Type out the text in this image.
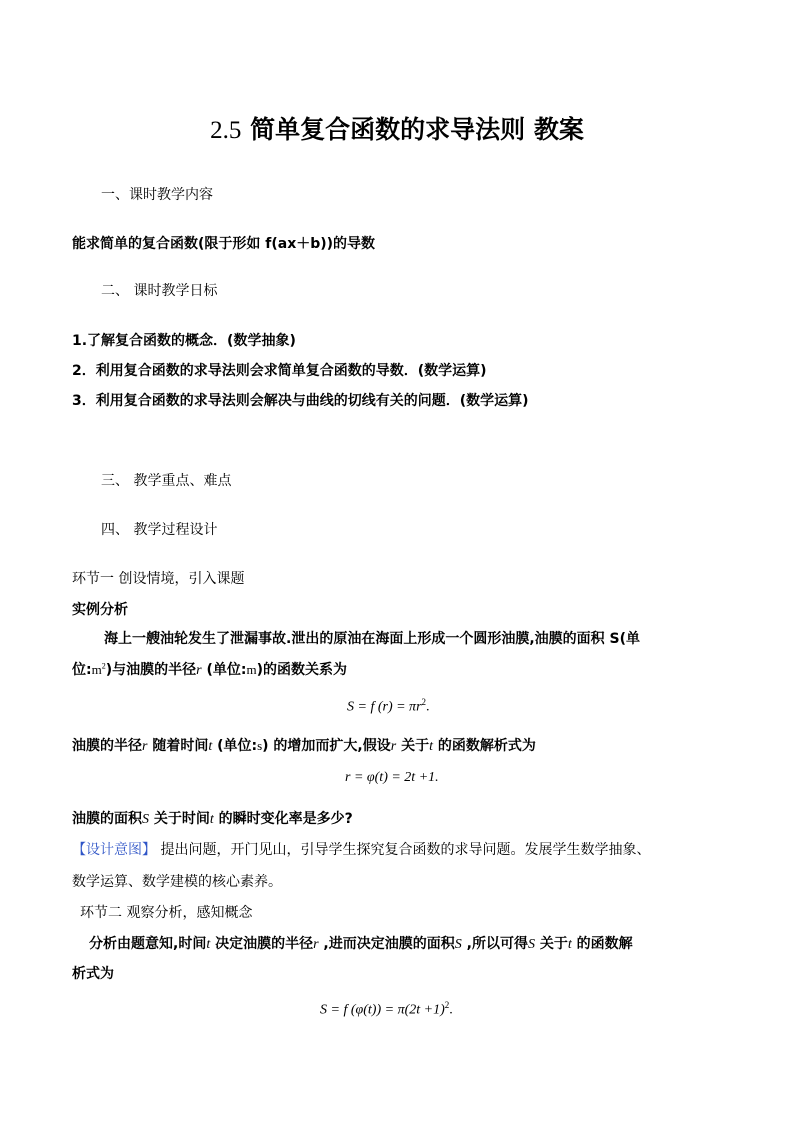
2.5 简单复合函数的求导法则 教案
一、课时教学内容
能求简单的复合函数(限于形如 f(ax＋b))的导数
二、 课时教学日标
1.了解复合函数的概念．(数学抽象)
2．利用复合函数的求导法则会求简单复合函数的导数．(数学运算)
3．利用复合函数的求导法则会解决与曲线的切线有关的问题．(数学运算)
三、 教学重点、难点
四、 教学过程设计
环节一 创设情境，引入课题
实例分析
海上一艘油轮发生了泄漏事故.泄出的原油在海面上形成一个圆形油膜,油膜的面积 S(单
位$:m^2$)与油膜的半径r (单位:m)的函数关系为
S = f $(r) = \pi r^2$.
油膜的半径r 随着时间t (单位:s) 的增加而扩大,假设r 关于t 的函数解析式为
r = φ(t) = 2t +1.
油膜的面积S 关于时间t 的瞬时变化率是多少?
【设计意图】 提出问题，开门见山，引导学生探究复合函数的求导问题。发展学生数学抽象、
数学运算、数学建模的核心素养。
环节二 观察分析，感知概念
分析由题意知,时间t 决定油膜的半径r ,进而决定油膜的面积S ,所以可得S 关于t 的函数解
析式为
S = f $(\varphi(t)) = \pi(2t +1)^2$.
